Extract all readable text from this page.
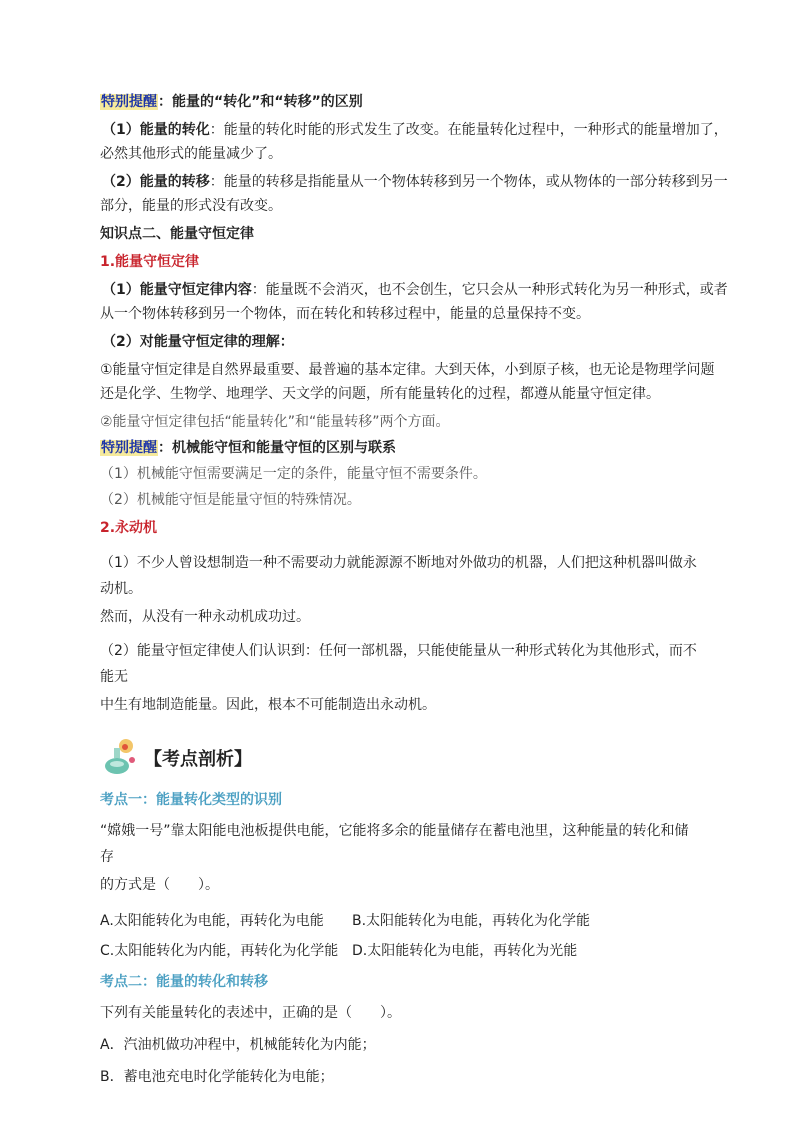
特别提醒：能量的“转化”和“转移”的区别

（1）能量的转化：能量的转化时能的形式发生了改变。在能量转化过程中，一种形式的能量增加了，

必然其他形式的能量减少了。

（2）能量的转移：能量的转移是指能量从一个物体转移到另一个物体，或从物体的一部分转移到另一

部分，能量的形式没有改变。

知识点二、能量守恒定律

1.能量守恒定律

（1）能量守恒定律内容：能量既不会消灭，也不会创生，它只会从一种形式转化为另一种形式，或者

从一个物体转移到另一个物体，而在转化和转移过程中，能量的总量保持不变。

（2）对能量守恒定律的理解：

①能量守恒定律是自然界最重要、最普遍的基本定律。大到天体，小到原子核，也无论是物理学问题

还是化学、生物学、地理学、天文学的问题，所有能量转化的过程，都遵从能量守恒定律。

②能量守恒定律包括“能量转化”和“能量转移”两个方面。

特别提醒：机械能守恒和能量守恒的区别与联系

（1）机械能守恒需要满足一定的条件，能量守恒不需要条件。

（2）机械能守恒是能量守恒的特殊情况。

2.永动机

（1）不少人曾设想制造一种不需要动力就能源源不断地对外做功的机器，人们把这种机器叫做永动机。

然而，从没有一种永动机成功过。

（2）能量守恒定律使人们认识到：任何一部机器，只能使能量从一种形式转化为其他形式，而不能无

中生有地制造能量。因此，根本不可能制造出永动机。

【考点剖析】

考点一：能量转化类型的识别

“嫦娥一号”靠太阳能电池板提供电能，它能将多余的能量储存在蓄电池里，这种能量的转化和储存

的方式是（　　）。

A.太阳能转化为电能，再转化为电能	B.太阳能转化为电能，再转化为化学能
C.太阳能转化为内能，再转化为化学能 D.太阳能转化为电能，再转化为光能

考点二：能量的转化和转移

下列有关能量转化的表述中，正确的是（　　）。

A．汽油机做功冲程中，机械能转化为内能；

B．蓄电池充电时化学能转化为电能；
